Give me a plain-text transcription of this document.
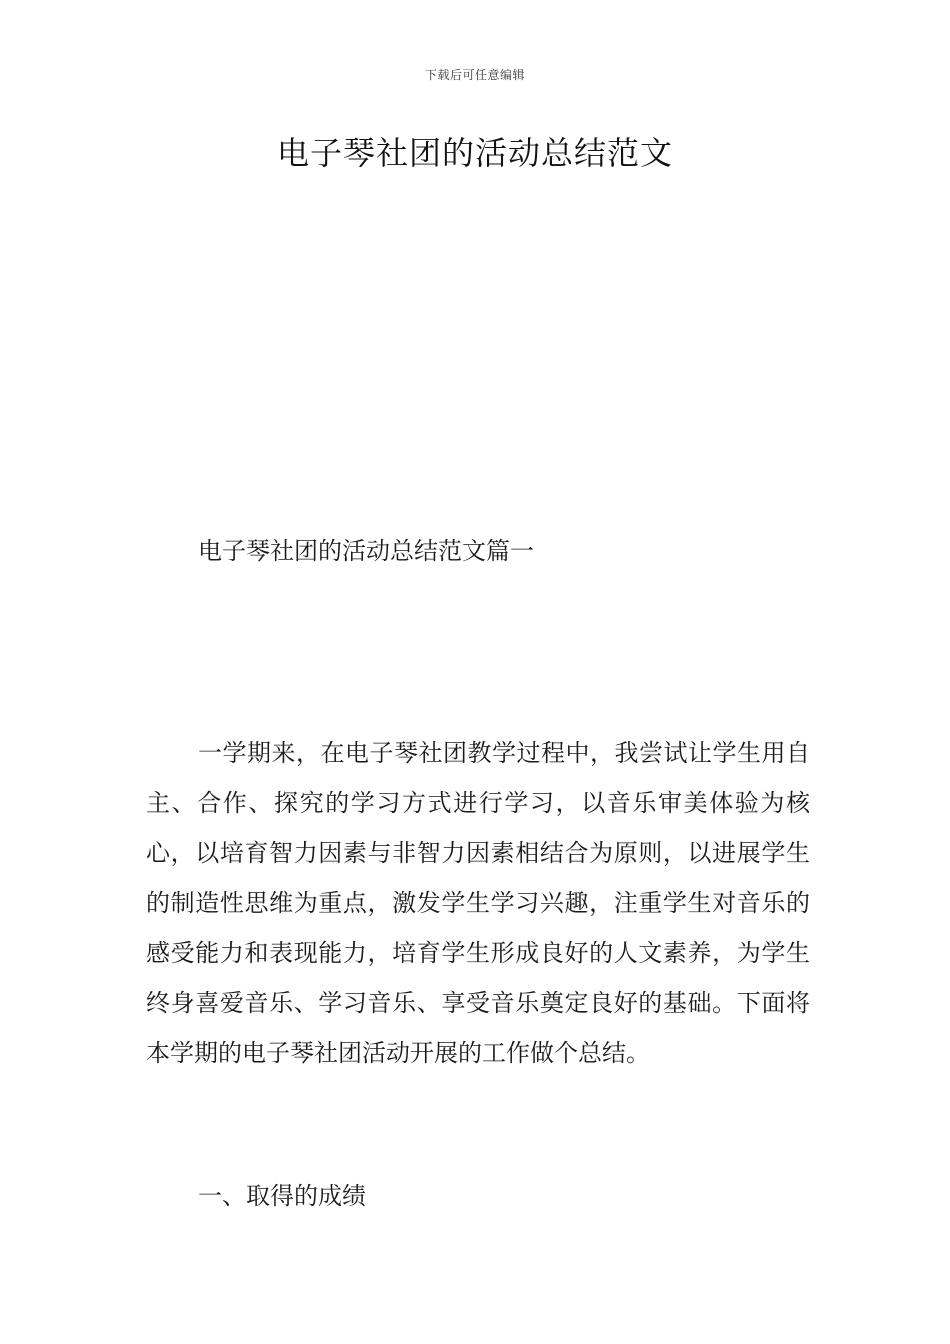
下载后可任意编辑
电子琴社团的活动总结范文
电子琴社团的活动总结范文篇一

一学期来，在电子琴社团教学过程中，我尝试让学生用自主、合作、探究的学习方式进行学习，以音乐审美体验为核心，以培育智力因素与非智力因素相结合为原则，以进展学生的制造性思维为重点，激发学生学习兴趣，注重学生对音乐的感受能力和表现能力，培育学生形成良好的人文素养，为学生终身喜爱音乐、学习音乐、享受音乐奠定良好的基础。下面将本学期的电子琴社团活动开展的工作做个总结。

一、取得的成绩
